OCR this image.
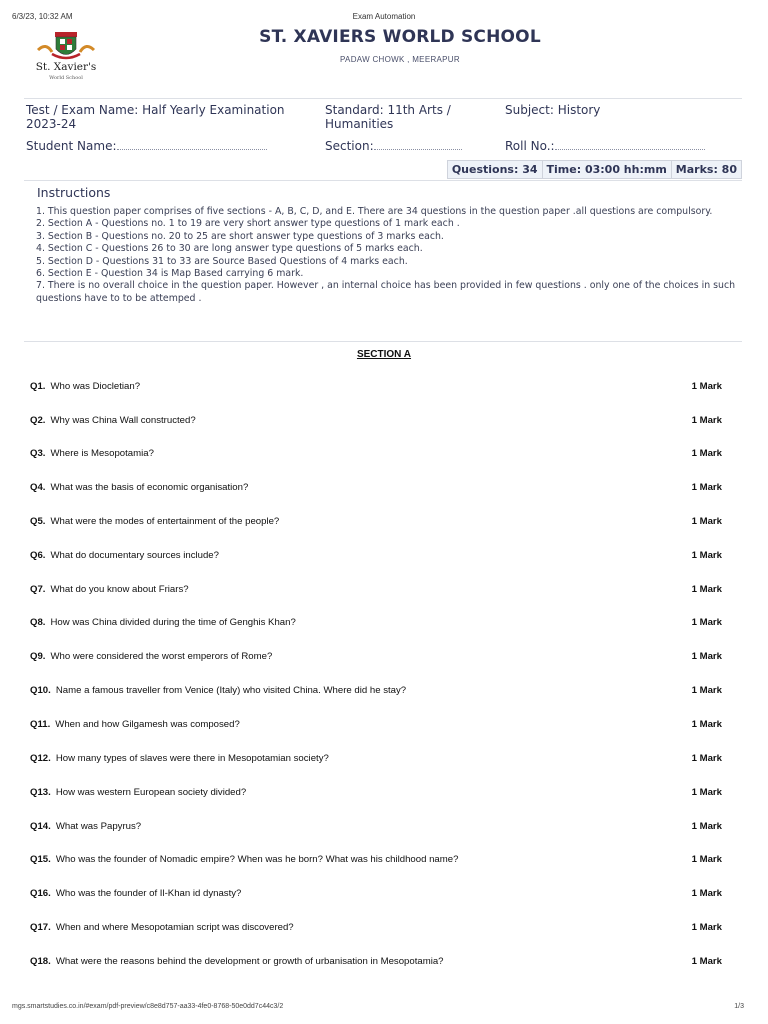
6/3/23, 10:32 AM	Exam Automation
mgs.smartstudies.co.in/#exam/pdf-preview/c8e8d757-aa33-4fe0-8768-50e0dd7c44c3/2	1/3
St. Xavier's
World School
ST. XAVIERS WORLD SCHOOL
PADAW CHOWK , MEERAPUR
Test / Exam Name: Half Yearly Examination 2023-24
Standard: 11th Arts / Humanities
Subject: History
Student Name:	Section:	Roll No.:
Questions: 34 Time: 03:00 hh:mm Marks: 80
Instructions
1. This question paper comprises of five sections - A, B, C, D, and E. There are 34 questions in the question paper .all questions are compulsory.
2. Section A - Questions no. 1 to 19 are very short answer type questions of 1 mark each .
3. Section B - Questions no. 20 to 25 are short answer type questions of 3 marks each.
4. Section C - Questions 26 to 30 are long answer type questions of 5 marks each.
5. Section D - Questions 31 to 33 are Source Based Questions of 4 marks each.
6. Section E - Question 34 is Map Based carrying 6 mark.
7. There is no overall choice in the question paper. However , an internal choice has been provided in few questions . only one of the choices in such questions have to to be attemped .
SECTION A
Q1. Who was Diocletian?	1 Mark
Q2. Why was China Wall constructed?	1 Mark
Q3. Where is Mesopotamia?	1 Mark
Q4. What was the basis of economic organisation?	1 Mark
Q5. What were the modes of entertainment of the people?	1 Mark
Q6. What do documentary sources include?	1 Mark
Q7. What do you know about Friars?	1 Mark
Q8. How was China divided during the time of Genghis Khan?	1 Mark
Q9. Who were considered the worst emperors of Rome?	1 Mark
Q10. Name a famous traveller from Venice (Italy) who visited China. Where did he stay?	1 Mark
Q11. When and how Gilgamesh was composed?	1 Mark
Q12. How many types of slaves were there in Mesopotamian society?	1 Mark
Q13. How was western European society divided?	1 Mark
Q14. What was Papyrus?	1 Mark
Q15. Who was the founder of Nomadic empire? When was he born? What was his childhood name?	1 Mark
Q16. Who was the founder of Il-Khan id dynasty?	1 Mark
Q17. When and where Mesopotamian script was discovered?	1 Mark
Q18. What were the reasons behind the development or growth of urbanisation in Mesopotamia?	1 Mark
